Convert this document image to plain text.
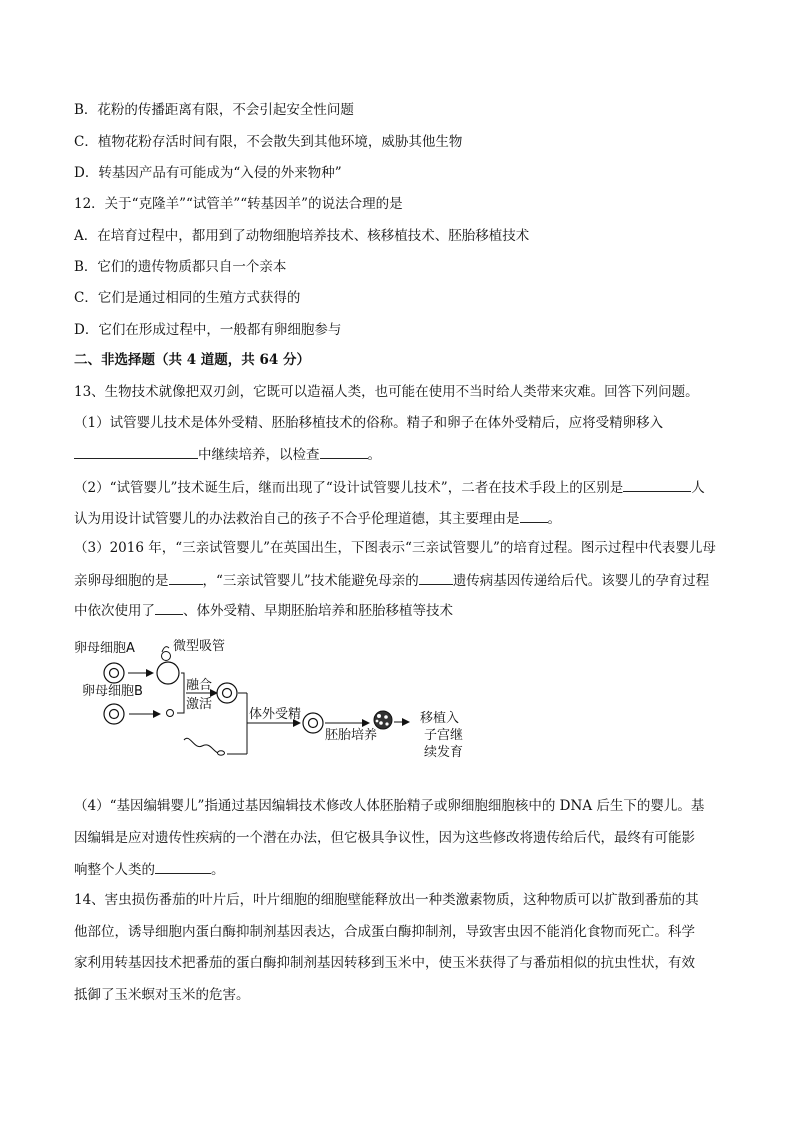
B．花粉的传播距离有限，不会引起安全性问题
C．植物花粉存活时间有限，不会散失到其他环境，威胁其他生物
D．转基因产品有可能成为“入侵的外来物种”
12．关于“克隆羊”“试管羊”“转基因羊”的说法合理的是
A．在培育过程中，都用到了动物细胞培养技术、核移植技术、胚胎移植技术
B．它们的遗传物质都只自一个亲本
C．它们是通过相同的生殖方式获得的
D．它们在形成过程中，一般都有卵细胞参与
二、非选择题（共 4 道题，共 64 分）
13、生物技术就像把双刃剑，它既可以造福人类，也可能在使用不当时给人类带来灾难。回答下列问题。
（1）试管婴儿技术是体外受精、胚胎移植技术的俗称。精子和卵子在体外受精后，应将受精卵移入
中继续培养，以检查	。
（2）“试管婴儿”技术诞生后，继而出现了“设计试管婴儿技术”，二者在技术手段上的区别是	人
认为用设计试管婴儿的办法救治自己的孩子不合乎伦理道德，其主要理由是 。
（3）2016 年，“三亲试管婴儿”在英国出生，下图表示“三亲试管婴儿”的培育过程。图示过程中代表婴儿母
亲卵母细胞的是	，“三亲试管婴儿”技术能避免母亲的	遗传病基因传递给后代。该婴儿的孕育过程
中依次使用了 、体外受精、早期胚胎培养和胚胎移植等技术
卵母细胞A	微型吸管
卵母细胞B	融合
激活
体外受精
胚胎培养
移植入
子宫继
续发育
（4）“基因编辑婴儿”指通过基因编辑技术修改人体胚胎精子或卵细胞细胞核中的 DNA 后生下的婴儿。基
因编辑是应对遗传性疾病的一个潜在办法，但它极具争议性，因为这些修改将遗传给后代，最终有可能影
响整个人类的	。
14、害虫损伤番茄的叶片后，叶片细胞的细胞壁能释放出一种类激素物质，这种物质可以扩散到番茄的其
他部位，诱导细胞内蛋白酶抑制剂基因表达，合成蛋白酶抑制剂，导致害虫因不能消化食物而死亡。科学
家利用转基因技术把番茄的蛋白酶抑制剂基因转移到玉米中，使玉米获得了与番茄相似的抗虫性状，有效
抵御了玉米螟对玉米的危害。
